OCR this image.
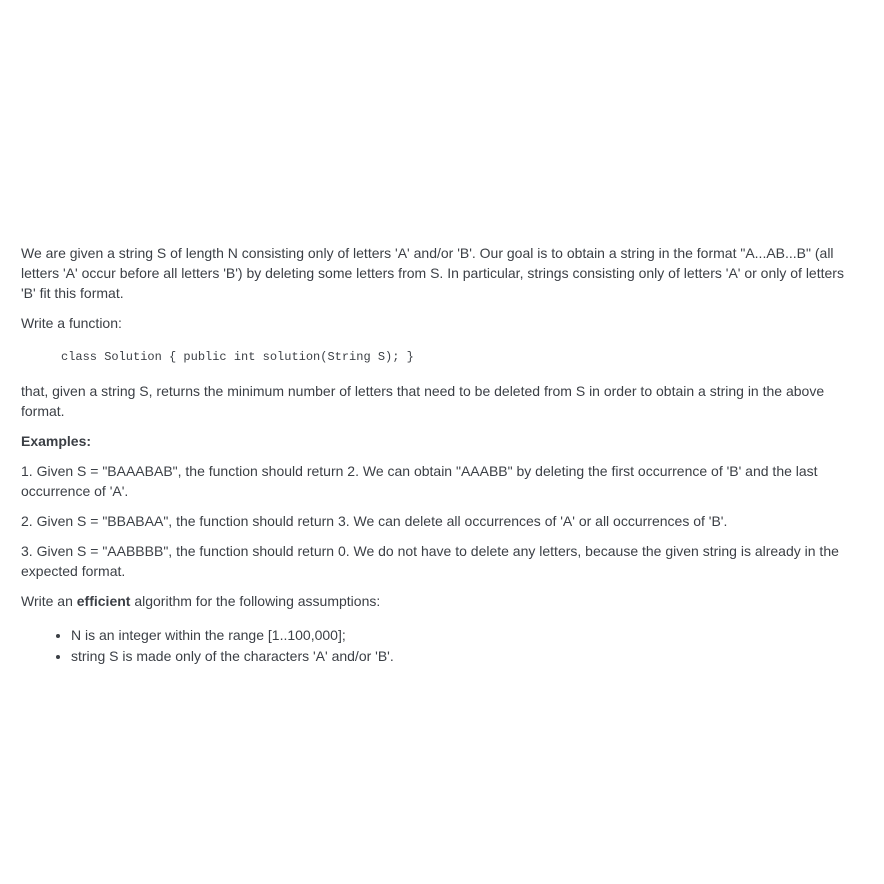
We are given a string S of length N consisting only of letters 'A' and/or 'B'. Our goal is to obtain a string in the format "A...AB...B" (all letters 'A' occur before all letters 'B') by deleting some letters from S. In particular, strings consisting only of letters 'A' or only of letters 'B' fit this format.

Write a function:

class Solution { public int solution(String S); }

that, given a string S, returns the minimum number of letters that need to be deleted from S in order to obtain a string in the above format.

Examples:

1. Given S = "BAAABAB", the function should return 2. We can obtain "AAABB" by deleting the first occurrence of 'B' and the last occurrence of 'A'.

2. Given S = "BBABAA", the function should return 3. We can delete all occurrences of 'A' or all occurrences of 'B'.

3. Given S = "AABBBB", the function should return 0. We do not have to delete any letters, because the given string is already in the expected format.

Write an efficient algorithm for the following assumptions:

• N is an integer within the range [1..100,000];
• string S is made only of the characters 'A' and/or 'B'.
